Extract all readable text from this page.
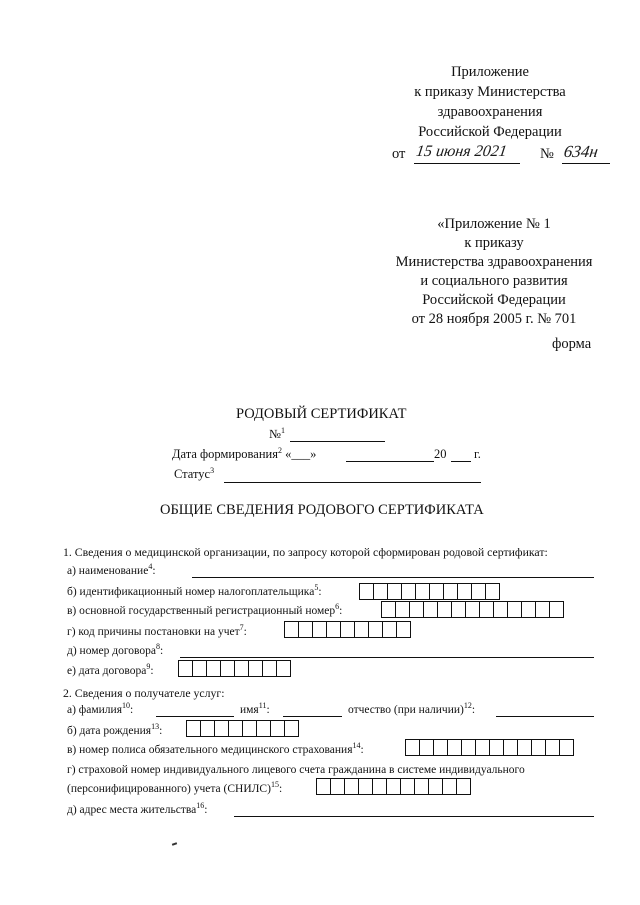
Приложение
к приказу Министерства
здравоохранения
Российской Федерации
от 15 июня 2021 № 634н
«Приложение № 1
к приказу
Министерства здравоохранения
и социального развития
Российской Федерации
от 28 ноября 2005 г. № 701
форма
РОДОВЫЙ СЕРТИФИКАТ
№$^1$
Дата формирования$^2$ «___»	20 г.
Статус$^3$
ОБЩИЕ СВЕДЕНИЯ РОДОВОГО СЕРТИФИКАТА
1. Сведения о медицинской организации, по запросу которой сформирован родовой сертификат:
а) наименование$^4$:
б) идентификационный номер налогоплательщика$^5$:
в) основной государственный регистрационный номер$^6$:
г) код причины постановки на учет$^7$:
д) номер договора$^8$:
е) дата договора$^9$:
2. Сведения о получателе услуг:
а) фамилия$^{10}$:	имя$^{11}$:	отчество (при наличии)$^{12}$:
б) дата рождения$^{13}$:
в) номер полиса обязательного медицинского страхования$^{14}$:
г) страховой номер индивидуального лицевого счета гражданина в системе индивидуального
(персонифицированного) учета (СНИЛС)$^{15}$:
д) адрес места жительства$^{16}$:
